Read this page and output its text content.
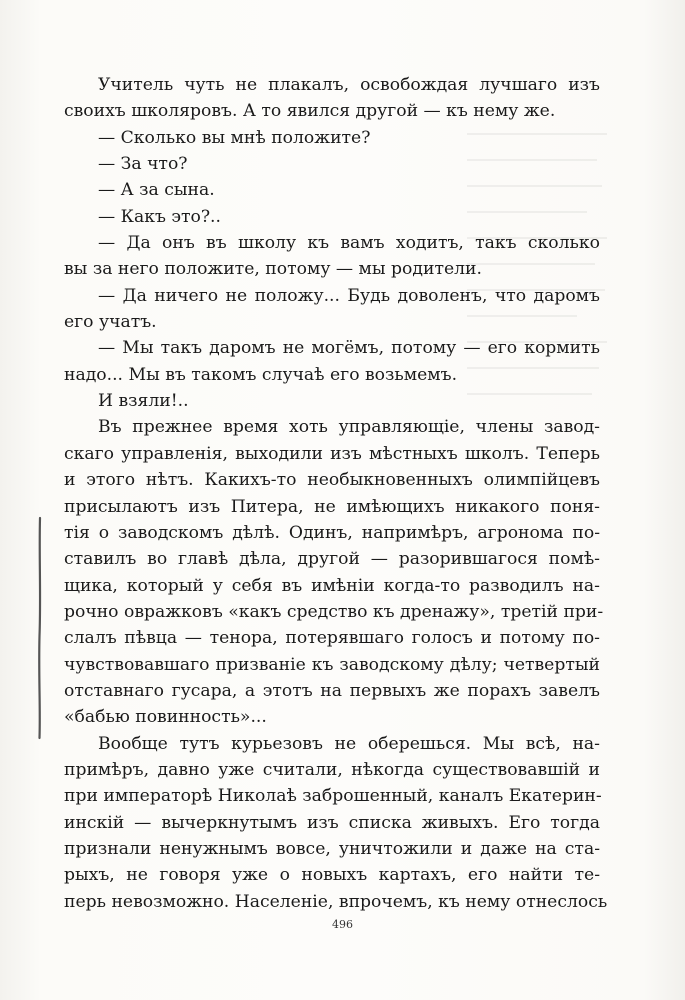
Учитель чуть не плакалъ, освобождая лучшаго изъ
своихъ школяровъ. А то явился другой — къ нему же.
— Сколько вы мнѣ положите?
— За что?
— А за сына.
— Какъ это?..
— Да онъ въ школу къ вамъ ходитъ, такъ сколько
вы за него положите, потому — мы родители.
— Да ничего не положу... Будь доволенъ, что даромъ
его учатъ.
— Мы такъ даромъ не могёмъ, потому — его кормить
надо... Мы въ такомъ случаѣ его возьмемъ.
И взяли!..
Въ прежнее время хоть управляющіе, члены завод-
скаго управленія, выходили изъ мѣстныхъ школъ. Теперь
и этого нѣтъ. Какихъ-то необыкновенныхъ олимпійцевъ
присылаютъ изъ Питера, не имѣющихъ никакого поня-
тія о заводскомъ дѣлѣ. Одинъ, напримѣръ, агронома по-
ставилъ во главѣ дѣла, другой — разорившагося помѣ-
щика, который у себя въ имѣніи когда-то разводилъ на-
рочно овражковъ «какъ средство къ дренажу», третій при-
слалъ пѣвца — тенора, потерявшаго голосъ и потому по-
чувствовавшаго призваніе къ заводскому дѣлу; четвертый
отставнаго гусара, а этотъ на первыхъ же порахъ завелъ
«бабью повинность»...
Вообще тутъ курьезовъ не оберешься. Мы всѣ, на-
примѣръ, давно уже считали, нѣкогда существовавшій и
при императорѣ Николаѣ заброшенный, каналъ Екатерин-
инскій — вычеркнутымъ изъ списка живыхъ. Его тогда
признали ненужнымъ вовсе, уничтожили и даже на ста-
рыхъ, не говоря уже о новыхъ картахъ, его найти те-
перь невозможно. Населеніе, впрочемъ, къ нему отнеслось
496
